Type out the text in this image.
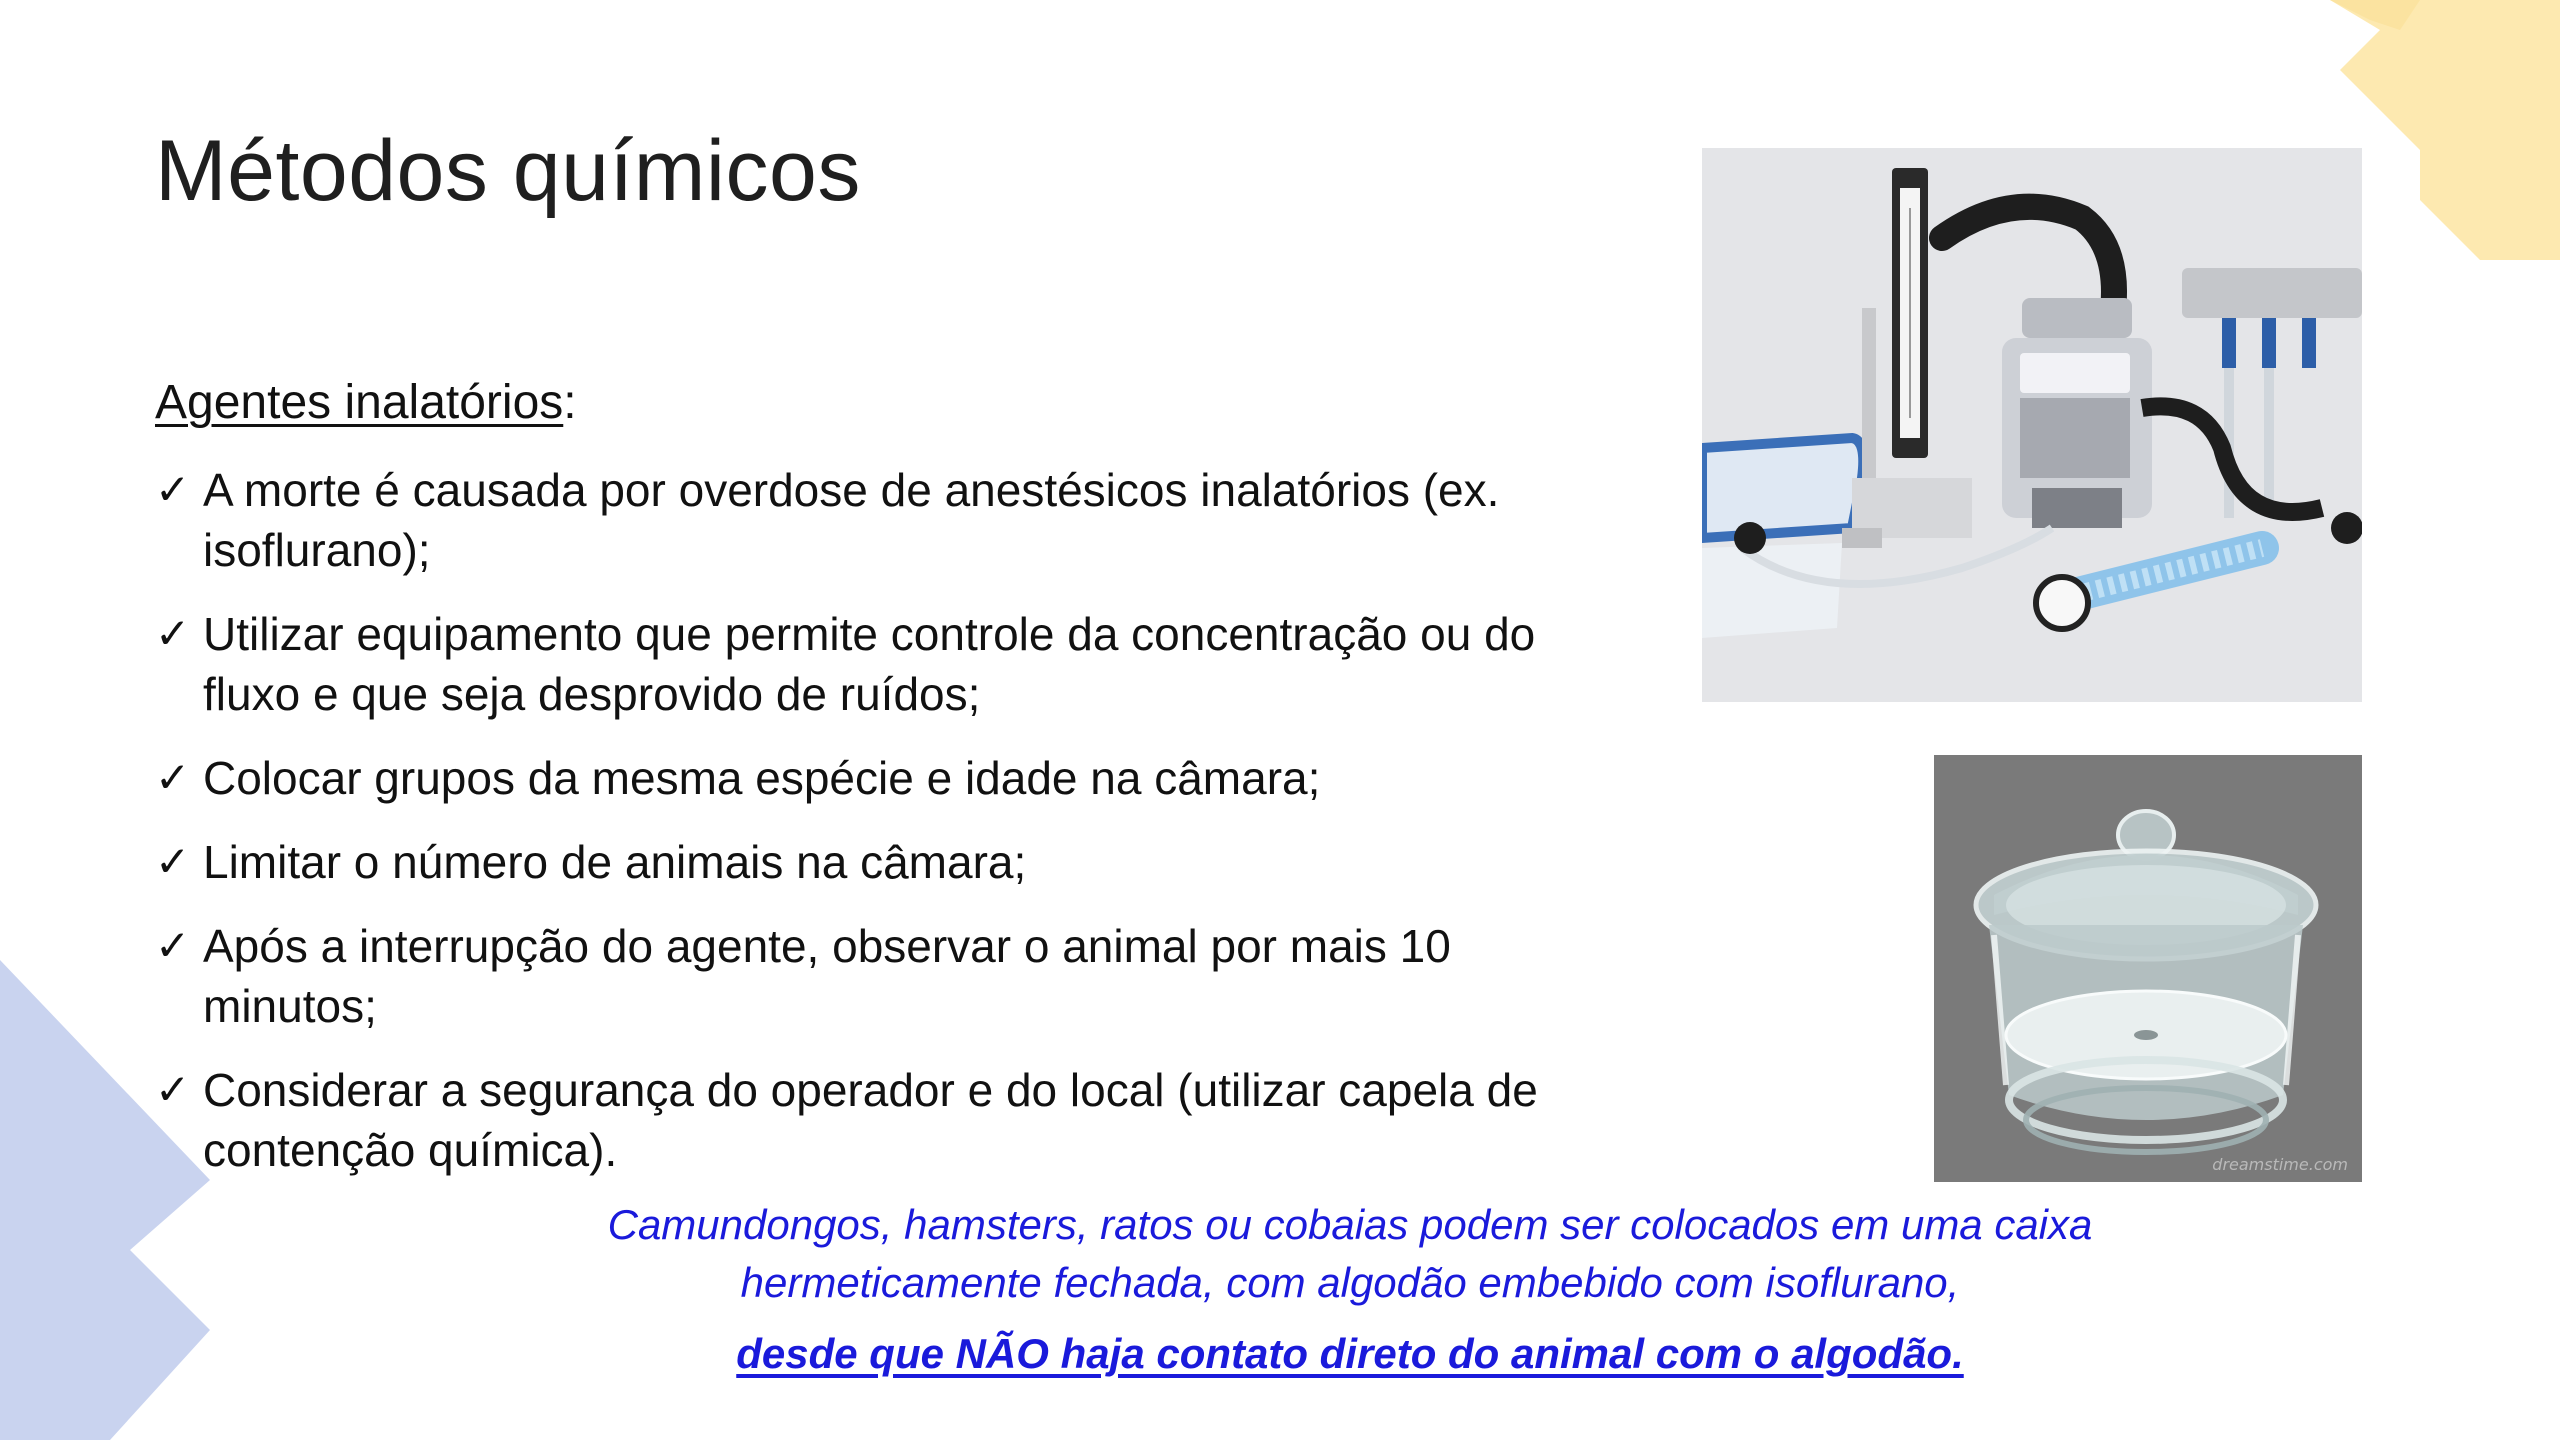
Métodos químicos
Agentes inalatórios:
✓ A morte é causada por overdose de anestésicos inalatórios (ex. isoflurano);
✓ Utilizar equipamento que permite controle da concentração ou do fluxo e que seja desprovido de ruídos;
✓ Colocar grupos da mesma espécie e idade na câmara;
✓ Limitar o número de animais na câmara;
✓ Após a interrupção do agente, observar o animal por mais 10 minutos;
✓ Considerar a segurança do operador e do local (utilizar capela de contenção química).	dreamstime.com
Camundongos, hamsters, ratos ou cobaias podem ser colocados em uma caixa hermeticamente fechada, com algodão embebido com isoflurano,
desde que NÃO haja contato direto do animal com o algodão.
